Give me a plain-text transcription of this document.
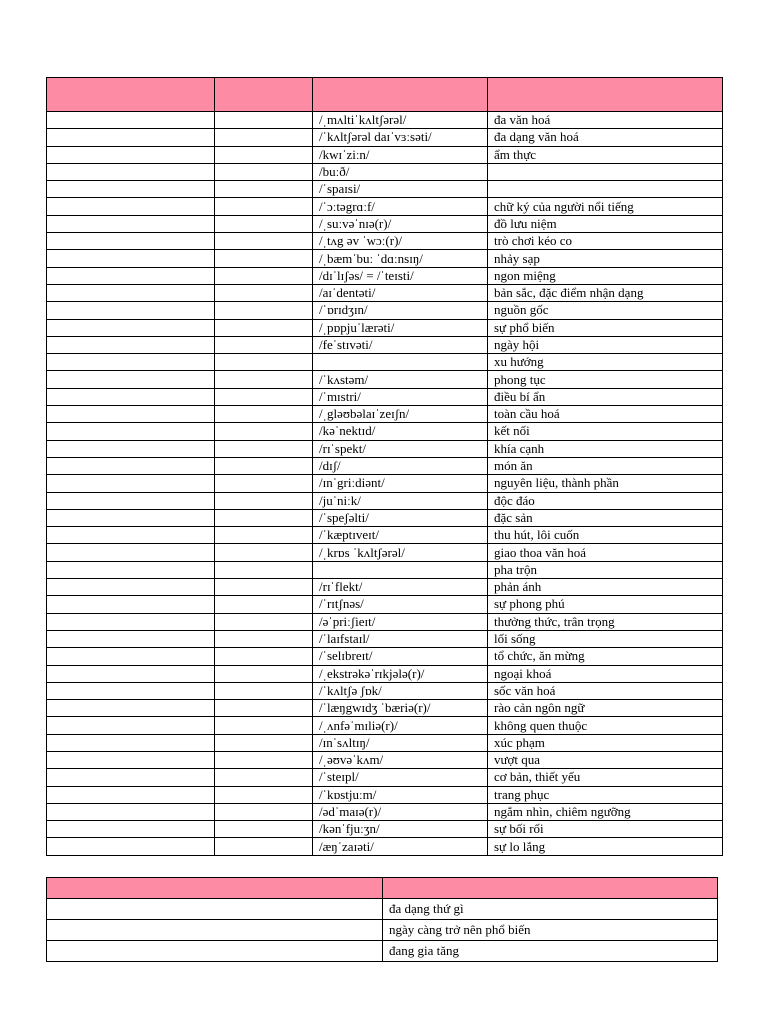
		/ˌmʌltiˈkʌltʃərəl/	đa văn hoá
		/ˈkʌltʃərəl daɪˈvɜːsəti/	đa dạng văn hoá
		/kwɪˈziːn/	ẩm thực
		/buːð/	
		/ˈspaɪsi/	
		/ˈɔːtəgrɑːf/	chữ ký của người nổi tiếng
		/ˌsuːvəˈnɪə(r)/	đồ lưu niệm
		/ˌtʌg əv ˈwɔː(r)/	trò chơi kéo co
		/ˌbæmˈbuː ˈdɑːnsɪŋ/	nhảy sạp
		/dɪˈlɪʃəs/ = /ˈteɪsti/	ngon miệng
		/aɪˈdentəti/	bản sắc, đặc điểm nhận dạng
		/ˈɒrɪdʒɪn/	nguồn gốc
		/ˌpɒpjuˈlærəti/	sự phổ biến
		/feˈstɪvəti/	ngày hội
			xu hướng
		/ˈkʌstəm/	phong tục
		/ˈmɪstri/	điều bí ẩn
		/ˌgləʊbəlaɪˈzeɪʃn/	toàn cầu hoá
		/kəˈnektɪd/	kết nối
		/rɪˈspekt/	khía cạnh
		/dɪʃ/	món ăn
		/ɪnˈgriːdiənt/	nguyên liệu, thành phần
		/juˈniːk/	độc đáo
		/ˈspeʃəlti/	đặc sản
		/ˈkæptɪveɪt/	thu hút, lôi cuốn
		/ˌkrɒs ˈkʌltʃərəl/	giao thoa văn hoá
			pha trộn
		/rɪˈflekt/	phản ánh
		/ˈrɪtʃnəs/	sự phong phú
		/əˈpriːʃieɪt/	thưởng thức, trân trọng
		/ˈlaɪfstaɪl/	lối sống
		/ˈselɪbreɪt/	tổ chức, ăn mừng
		/ˌekstrəkəˈrɪkjələ(r)/	ngoại khoá
		/ˈkʌltʃə ʃɒk/	sốc văn hoá
		/ˈlæŋgwɪdʒ ˈbæriə(r)/	rào cản ngôn ngữ
		/ˌʌnfəˈmɪliə(r)/	không quen thuộc
		/ɪnˈsʌltɪŋ/	xúc phạm
		/ˌəʊvəˈkʌm/	vượt qua
		/ˈsteɪpl/	cơ bản, thiết yếu
		/ˈkɒstjuːm/	trang phục
		/ədˈmaɪə(r)/	ngắm nhìn, chiêm ngưỡng
		/kənˈfjuːʒn/	sự bối rối
		/æŋˈzaɪəti/	sự lo lắng

	đa dạng thứ gì
	ngày càng trở nên phổ biến
	đang gia tăng
